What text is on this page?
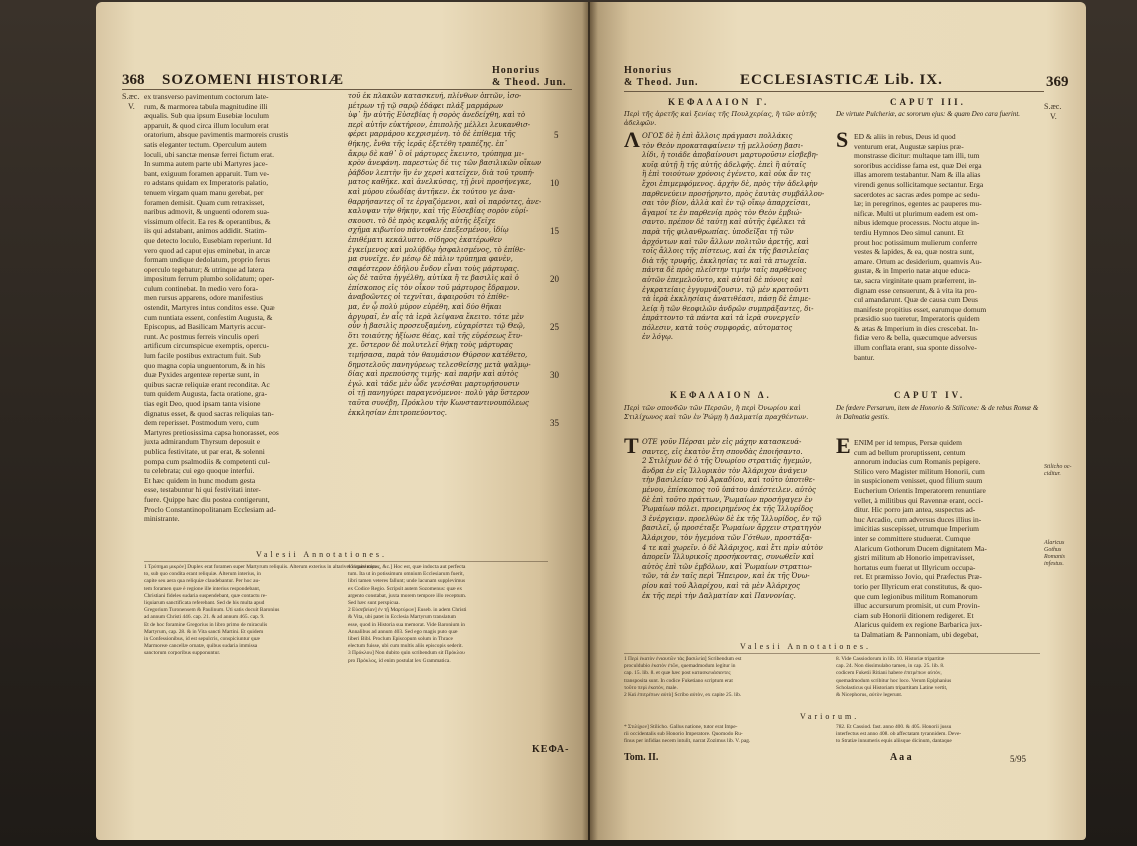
368 SOZOMENI HISTORIÆ
Honorius
& Theod. Jun.
S.æc.
V.
ex transverso pavimentum coctorum late-
rum, & marmorea tabula magnitudine illi
æqualis. Sub qua ipsum Eusebiæ loculum
apparuit, & quod circa illum loculum erat
oratorium, absque pavimentis marmoreis crustis
satis eleganter tectum. Operculum autem
loculi, ubi sanctæ mensæ ferrei fictum erat.
In summa autem parte ubi Martyres jace-
bant, exiguum foramen apparuit. Tum ve-
ro adstans quidam ex Imperatoris palatio,
tenuem virgam quam manu gerebat, per
foramen demisit. Quam cum retraxisset,
naribus admovit, & unguenti odorem sua-
vissimum olfecit. Ea res & operantibus, &
iis qui adstabant, animos addidit. Statim-
que detecto loculo, Eusebiam reperiunt. Id
vero quod ad caput ejus eminebat, in arcæ
formam undique dedolatum, proprio ferus
operculo tegebatur; & utrinque ad latera
impositum ferrum plumbo solidatum; oper-
culum continebat. In medio vero fora-
men rursus apparens, odore manifestius
ostendit, Martyres intus conditos esse. Quæ
cum nuntiata essent, confestim Augusta, &
Episcopus, ad Basilicam Martyris accur-
runt. Ac postmus ferreis vinculis operi
artificum circumspicue exemptis, opercu-
lum facile postibus extractum fuit. Sub
quo magna copia unguentorum, & in his
duæ Pyxides argenteæ repertæ sunt, in
quibus sacræ reliquiæ erant reconditæ. Ac
tum quidem Augusta, facta oratione, gra-
tias egit Deo, quod ipsam tanta visione
dignatus esset, & quod sacras reliquias tan-
dem reperisset. Postmodum vero, cum
Martyres pretiosissima capsa honorasset, eos
juxta admirandum Thyrsum deposuit e
publica festivitate, ut par erat, & solenni
pompa cum psalmodiis & competenti cul-
tu celebrata; cui ego quoque interfui.
Et hæc quidem in hunc modum gesta
esse, testabuntur hi qui festivitati inter-
fuere. Quippe hæc diu postea contigerunt,
Proclo Constantinopolitanam Ecclesiam ad-
ministrante.
5
10
15
20
25
30
35
τοῦ ἐκ πλακῶν κατασκευή, πλίνθων ὀπτῶν, ἰσο-
μέτρων τῇ τῷ σαρῷ ἐδάφει πλάξ μαρμάρων
ὑφ᾽ ἣν αὐτῆς Εὐσεβίας ἡ σορὸς ἀνεδείχθη, καὶ τὸ
περὶ αὐτῆν εὐκτήριον, ἐπιπολῆς μέλλει λευκανθισ-
φέρει μαρμάρου κεχρισμένη. τὸ δὲ ἐπίθεμα τῆς
θήκης, ἔνθα τῆς ἱερᾶς ἐξετέθη τραπέζης. ἐπ᾽
ἄκρῳ δὲ καθ᾽ ὃ οἱ μάρτυρες ἔκειντο, τρύπημα μι-
κρὸν ἀνεφάνη. παρεστὼς δέ τις τῶν βασιλικῶν οἴκων
ῥάβδον λεπτὴν ἣν ἐν χερσὶ κατεῖχεν, διὰ τοῦ τρυπή-
ματος καθῆκε. καὶ ἀνελκύσας, τῇ ῥινὶ προσήνεγκε,
καὶ μύρου εὐωδίας ἀντῆκεν. ἐκ τούτου γε ἀνα-
θαρρήσαντες οἵ τε ἐργαζόμενοι, καὶ οἱ παρόντες, ἀνε-
καλυψαν τὴν θήκην, καὶ τῆς Εὐσεβίας σορὸν εὑρί-
σκουσι. τὸ δὲ πρὸς κεφαλῆς αὐτῆς ἐξεῖχε
σχῆμα κιβωτίου πάντοθεν ἐπεξεσμένον, ἰδίῳ
ἐπιθέματι κεκάλυπτο. σίδηρος ἑκατέρωθεν
ἐγκείμενος καὶ μολύβδῳ ἠσφαλισμένος, τὸ ἐπίθε-
μα συνεῖχε. ἐν μέσῳ δὲ πάλιν τρύπημα φανὲν,
σαφέστερον ἐδήλου ἔνδον εἶναι τοὺς μάρτυρας.
ὡς δὲ ταῦτα ἠγγέλθη, αὐτίκα ἥ τε βασιλὶς καὶ ὁ
ἐπίσκοπος εἰς τὸν οἶκον τοῦ μάρτυρος ἔδραμον.
ἀναβοῶντες οἱ τεχνῖται, ἀφαιροῦσι τὸ ἐπίθε-
μα, ἐν ᾧ πολὺ μύρον εὑρέθη, καὶ δύο θῆκαι
ἀργυραῖ, ἐν αἷς τὰ ἱερὰ λείψανα ἔκειτο. τότε μὲν
οὖν ἡ βασιλὶς προσευξαμένη, εὐχαρίστει τῷ Θεῷ,
ὅτι τοιαύτης ἠξίωσε θέας, καὶ τῆς εὑρέσεως ἔτυ-
χε. ὕστερον δὲ πολυτελεῖ θήκῃ τοὺς μάρτυρας
τιμήσασα, παρὰ τὸν θαυμάσιον Θύρσον κατέθετο,
δημοτελοῦς πανηγύρεως τελεσθείσης μετὰ ψαλμῳ-
δίας καὶ πρεπούσης τιμῆς· καὶ παρῆν καὶ αὐτὸς
ἐγώ. καὶ τάδε μὲν ὧδε γενέσθαι μαρτυρήσουσιν
οἱ τῇ πανηγύρει παραγενόμενοι· πολὺ γὰρ ὕστερον
ταῦτα συνέβη, Πρόκλου τὴν Κωνσταντινουπόλεως
ἐκκλησίαν ἐπιτροπεύοντος.
Valesii Annotationes.
1 Τρύπημα μικρὸν] Duplex erat foramen super Martyrum reliquiis. Alterum exterius in altarivel in pavimen-
to, sub quo condita erant reliquiæ. Alterum interius, in
capite seu aera qua reliquiæ claudebantur. Per hoc au-
tem foramen quæ è regione ille interius respondebant,
Christiani fideles sudaria suspendebant, quæ contactu re-
liquiarum sanctificata referebant. Sed de his multa apud
Gregorium Turonensem & Paulinum. Uti satis docuit Baronius
ad annum Christi 446. cap. 21. & ad annum 465. cap. 9.
Et de hoc foramine Gregorius in libro primo de miraculis
Martyrum, cap. 28. & in Vita sancti Martini. Et quidem
in Confessionibus, id est sepulcris, conspiciuntur quæ
Marmoreæ cancellæ ornatæ, quibus sudaria immissa
sanctorum corporibus supponuntur.
τὸ ἱερὸν κέρας, &c.] Hoc est, quæ indocta aut perfecta
tum. Ita ut in potissimum omnium Ecclesiarum fuerit,
libri tamen veteres fallunt; unde lacunam supplevimus
ex Codice Regio. Scripsit autem Sozomenus: quæ ex
argento constabat, juxta morem tempore illo receptum.
Sed hæc sunt perspicua.
2 Εὐσεβείαν] ἐν τῇ Μαρτύρων] Euseb. in adem Christi
& Vita, ubi patet in Ecclesia Martyrum translatum
esse, quod in Historia sua memorat. Vide Baronium in
Annalibus ad annum 403. Sed ego magis puto quæ
liberi Bibl. Proclum Episcopum solum in Thrace
electum fuisse, ubi cum multis aliis episcopis sederit.
3 Πρόκλου] Non dubito quin scribendum sit Πρόκλου
pro Πρόκλος, id enim postulat lex Grammatica.
ΚΕΦΑ-
Honorius
& Theod. Jun.	ECCLESIASTICÆ Lib. IX.	369
S.æc.
V.
ΚΕΦΑΛΑΙΟΝ Γ.	CAPUT III.
Περὶ τῆς ἀρετῆς καὶ ξενίας τῆς Πουλχερίας, ἢ τῶν αὐτῆς ἀδελφῶν.
De virtute Pulcheriæ, ac sororum ejus: & quam Deo cara fuerint.
Λ ΟΓΟΣ δὲ ἢ ἐπὶ ἄλλοις πράγμασι πολλάκις
τὸν Θεὸν προκαταφαίνειν τῇ μελλούσῃ βασι-
λίδι, ἡ τοιάδε ἀποβαίνουσι μαρτυροῦσιν εἰσβεβη-
κυῖᾳ αὐτῇ ἢ τῆς αὐτῆς ἀδελφῆς. ἐπεὶ ἢ αὐταῖς
ἢ ἐπὶ τοιούτων χρόνοις ἐγένετο, καὶ οὐκ ἄν τις
ἔχοι ἐπιμεμφόμενος. ἀρχὴν δὲ, πρὸς τὴν ἀδελφὴν
παρθενεύειν προσῄρηντο, πρὸς ἑαυτὰς συμβάλλου-
σαι τὸν βίον, ἀλλὰ καὶ ἐν τῷ οἴκῳ ἀπαρχεῖσαι,
ἄγαμοί τε ἐν παρθενίᾳ πρὸς τὸν Θεὸν ἐμβιώ-
σαντο. πρέπον δὲ ταύτῃ καὶ αὐτῆς ἐφέλκει τὰ
παρὰ τῆς φιλανθρωπίας. ὑποδεῖξαι τῇ τῶν
ἀρχόντων καὶ τῶν ἄλλων πολιτῶν ἀρετῆς, καὶ
τοῖς ἄλλοις τῆς πίστεως, καὶ ἐκ τῆς βασιλείας
διὰ τῆς τρυφῆς, ἐκκλησίας τε καὶ τὰ πτωχεῖα.
πάντα δὲ πρὸς πλείστην τιμὴν ταῖς παρθένοις
αὐτῶν ἐπεμελοῦντο, καὶ αὐταὶ δὲ πόνοις καὶ
ἐγκρατείαις ἐγγυμνάζουσιν. τῷ μὲν κρατοῦντι
τὰ ἱερὰ ἐκκλησίαις ἀνατιθέασι, πάσῃ δὲ ἐπιμε-
λείᾳ ἢ τῶν θεοφιλῶν ἀνδρῶν συμπράξαντες, δι-
ἐπράττοντο τὰ πάντα καὶ τὰ ἱερὰ συνεργεῖν
πόλεσιν, κατὰ τοὺς συμφοράς, αὐτοματος
ἐν λόγῳ.
S ED & aliis in rebus, Deus id quod
venturum erat, Augustæ sæpius præ-
monstrasse dicitur: multaque tam illi, tum
sororibus accidisse fama est, quæ Dei erga
illas amorem testabantur. Nam & illa alias
virendi genus sollicitamque sectantur. Erga
sacerdotes ac sacras ædes pompe ac sedu-
læ; in peregrinos, egentes ac pauperes mu-
nificæ. Multi ut plurimum eadem est om-
nibus idemque processus. Noctu atque in-
terdiu Hymnos Deo simul canunt. Et
prout hoc potissimum mulierum conferre
vestes & lapides, & ea, quæ nostra sunt,
amare. Ortum ac desiderium, quamvis Au-
gustæ, & in Imperio natæ atque educa-
tæ, sacra virginitate quam præferrent, in-
dignam esse censuerunt, & à vita ita pro-
cul amandarunt. Quæ de causa cum Deus
manifeste propitius esset, earumque domum
præsidio suo tueretur, Imperatoris quidem
& ætas & Imperium in dies crescebat. In-
fidiæ vero & bella, quæcumque adversus
illum conflata erant, sua sponte dissolve-
bantur.
ΚΕΦΑΛΑΙΟΝ Δ.	CAPUT IV.
Περὶ τῶν σπονδῶν τῶν Περσῶν, ἢ περὶ Ὀνωρίου καὶ Στιλίχωνος καὶ τῶν ἐν Ῥώμῃ ἢ Δαλματίᾳ πραχθέντων.
De fœdere Persarum, item de Honorio & Stilicone: & de rebus Romæ & in Dalmatia gestis.
Τ ΟΤΕ γοῦν Πέρσαι μὲν εἰς μάχην κατασκευά-
σαντες, εἰς ἑκατὸν ἔτη σπονδὰς ἐποιήσαντο.
2 Στιλίχων δὲ ὁ τῆς Ὀνωρίου στρατιᾶς ἡγεμών,
ἄνδρα ἐν εἰς Ἰλλυρικὸν τὸν Ἀλάριχον ἀνάγειν
τὴν βασιλείαν τοῦ Ἀρκαδίου, καὶ τοῦτο ὑποτιθε-
μένου, ἐπίσκοπος τοῦ ὑπάτου ἀπέστειλεν. αὐτὸς
δὲ ἐπὶ τοῦτο πράττων, Ῥωμαίων προσήγαγεν ἐν
Ῥωμαίων πόλει. προειρημένος ἐκ τῆς Ἰλλυρίδος
3 ἐνέργειαν. προελθὼν δὲ ἐκ τῆς Ἰλλυρίδος, ἐν τῷ
βασιλεῖ, ᾧ προσέταξε Ῥωμαίων ἄρχειν στρατηγὸν
Ἀλάριχον, τὸν ἡγεμόνα τῶν Γότθων, προστάξα-
4 τε καὶ χωρεῖν. ὁ δὲ Ἀλάριχος, καὶ ἔτι πρὶν αὐτὸν
ἀπορεῖν Ἰλλυρικοῖς προσήκοντας, συνωθεῖν καὶ
αὐτὸς ἐπὶ τῶν ἐμβόλων, καὶ Ῥωμαίων στρατιω-
τῶν, τὰ ἐν ταῖς περὶ Ἤπειρον, καὶ ἐκ τῆς Ὀνω-
ρίου καὶ τοῦ Ἀλαρίχου, καὶ τὰ μὲν Ἀλάριχος
ἐκ τῆς περὶ τὴν Δαλματίαν καὶ Παννονίας.
E ENIM per id tempus, Persæ quidem
cum ad bellum proruptissent, centum
annorum inducias cum Romanis pepigere.
Stilico vero Magister militum Honorii, cum
in suspicionem venisset, quod filium suum
Eucherium Orientis Imperatorem renuntiare
vellet, à militibus qui Ravennæ erant, occi-
ditur. Hic porro jam antea, suspectus ad-
huc Arcadio, cum adversus duces illius in-
imicitias suscepisset, utrumque Imperium
inter se committere studuerat. Cumque
Alaricum Gothorum Ducem dignitatem Ma-
gistri militum ab Honorio impetravisset,
hortatus eum fuerat ut Illyricum occupa-
ret. Et præmisso Jovio, qui Præfectus Præ-
torio per Illyricum erat constitutus, & quo-
que cum legionibus militum Romanorum
illuc accursurum promisit, ut cum Provin-
ciam sub Honorii ditionem redigeret. Et
Alaricus quidem ex regione Barbarica jux-
ta Dalmatiam & Pannoniam, ubi degebat,
Stilicho oc-ciditur.
Alaricus Gothus Romanis infestus.
Valesii Annotationes.
1 Περὶ ἑκατὸν ἐνιαυτῶν τὰς βασιλεία] Scribendum est
proculdubio ἑκατὸν ἐτῶν, quemadmodum legitur in
cap. 15. lib. 8. et quæ hæc post κατασκευάσαντες
transposita sunt. In codice Fuketiano scriptum erat
τοῦτο περὶ ἑκατὸν, male.
2 Καὶ ἐπιτρέπων αὐτὸ] Scribo αὐτὸν, ex capite 25. lib.
8. Vide Cassiodorum in lib. 10. Historiæ tripartitæ
cap. 24. Non dissimulabo tamen, in cap. 25. lib. 8.
codicem Fuketii Ritiani habere ἐπιτρέπων αὐτὸν,
quemadmodum scribitur hoc loco. Verum Epiphanius
Scholasticus qui Historiam tripartitam Latine vertit,
& Nicephorus, αὐτὸν legerunt.
Variorum.
* Στιλίχων] Stilicho. Gallus natione, tutor erat Impe-
rii occidentalis sub Honorio Imperatore. Quomodo Ru-
finus per infidias necem intulit, narrat Zozimus lib. V. pag.
782. Et Cassiod. fast. anno 400. & 405. Honorii jussu
interfectus est anno 408. ob affectatam tyrannidem. Deve-
to Stratiæ innumeris equis aliisque dicinum, dantaque
Tom. II.	A a a	5/95
